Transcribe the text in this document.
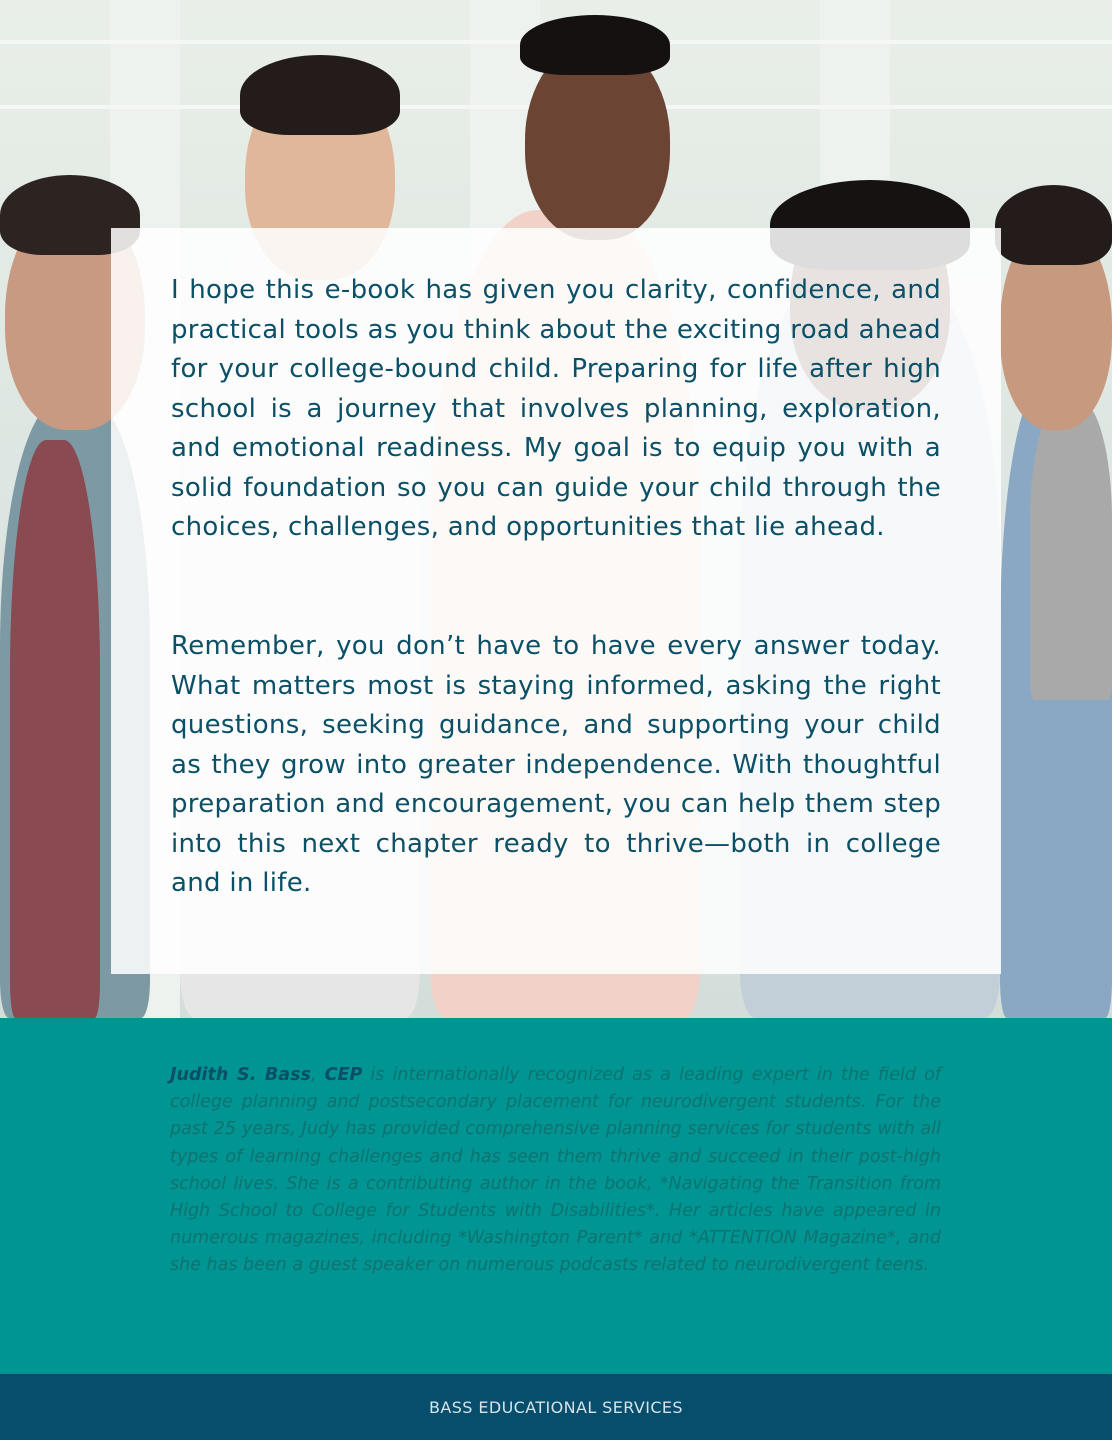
I hope this e-book has given you clarity, confidence, and practical tools as you think about the exciting road ahead for your college-bound child. Preparing for life after high school is a journey that involves planning, exploration, and emotional readiness. My goal is to equip you with a solid foundation so you can guide your child through the choices, challenges, and opportunities that lie ahead.

Remember, you don’t have to have every answer today. What matters most is staying informed, asking the right questions, seeking guidance, and supporting your child as they grow into greater independence. With thoughtful preparation and encouragement, you can help them step into this next chapter ready to thrive—both in college and in life.

Judith S. Bass, CEP is internationally recognized as a leading expert in the field of college planning and postsecondary placement for neurodivergent students. For the past 25 years, Judy has provided comprehensive planning services for students with all types of learning challenges and has seen them thrive and succeed in their post-high school lives. She is a contributing author in the book, *Navigating the Transition from High School to College for Students with Disabilities*. Her articles have appeared in numerous magazines, including *Washington Parent* and *ATTENTION Magazine*, and she has been a guest speaker on numerous podcasts related to neurodivergent teens.

BASS EDUCATIONAL SERVICES
